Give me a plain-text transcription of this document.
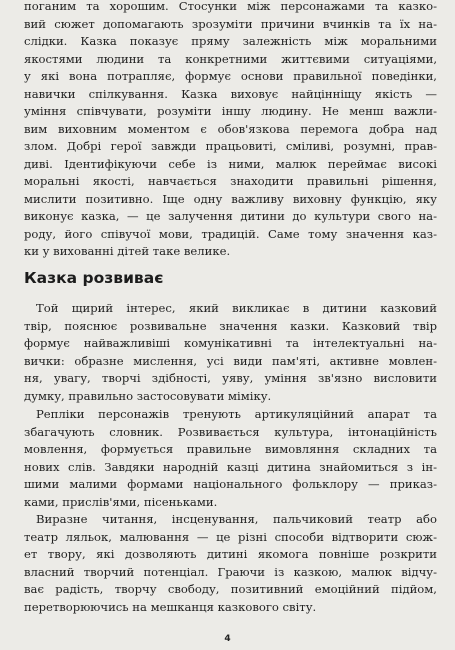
поганим та хорошим. Стосунки між персонажами та казко-
вий сюжет допомагають зрозуміти причини вчинків та їх на-
слідки. Казка показує пряму залежність між моральними
якостями людини та конкретними життєвими ситуаціями,
у які вона потрапляє, формує основи правильної поведінки,
навички спілкування. Казка виховує найцінніщу якість —
уміння співчувати, розуміти іншу людину. Не менш важли-
вим виховним моментом є обов'язкова перемога добра над
злом. Добрі герої завжди працьовиті, сміливі, розумні, прав-
диві. Ідентифікуючи себе із ними, малюк переймає високі
моральні якості, навчається знаходити правильні рішення,
мислити позитивно. Іще одну важливу виховну функцію, яку
виконує казка, — це залучення дитини до культури свого на-
роду, його співучої мови, традицій. Саме тому значення каз-
ки у вихованні дітей таке велике.
Казка розвиває
Той щирий інтерес, який викликає в дитини казковий
твір, пояснює розвивальне значення казки. Казковий твір
формує найважливіші комунікативні та інтелектуальні на-
вички: образне мислення, усі види пам'яті, активне мовлен-
ня, увагу, творчі здібності, уяву, уміння зв'язно висловити
думку, правильно застосовувати міміку.
Репліки персонажів тренують артикуляційний апарат та
збагачують словник. Розвивається культура, інтонаційність
мовлення, формується правильне вимовляння складних та
нових слів. Завдяки народній казці дитина знайомиться з ін-
шими малими формами національного фольклору — приказ-
ками, прислів'ями, пісеньками.
Виразне читання, інсценування, пальчиковий театр або
театр ляльок, малювання — це різні способи відтворити сюж-
ет твору, які дозволяють дитині якомога повніше розкрити
власний творчий потенціал. Граючи із казкою, малюк відчу-
ває радість, творчу свободу, позитивний емоційний підйом,
перетворюючись на мешканця казкового світу.
4
